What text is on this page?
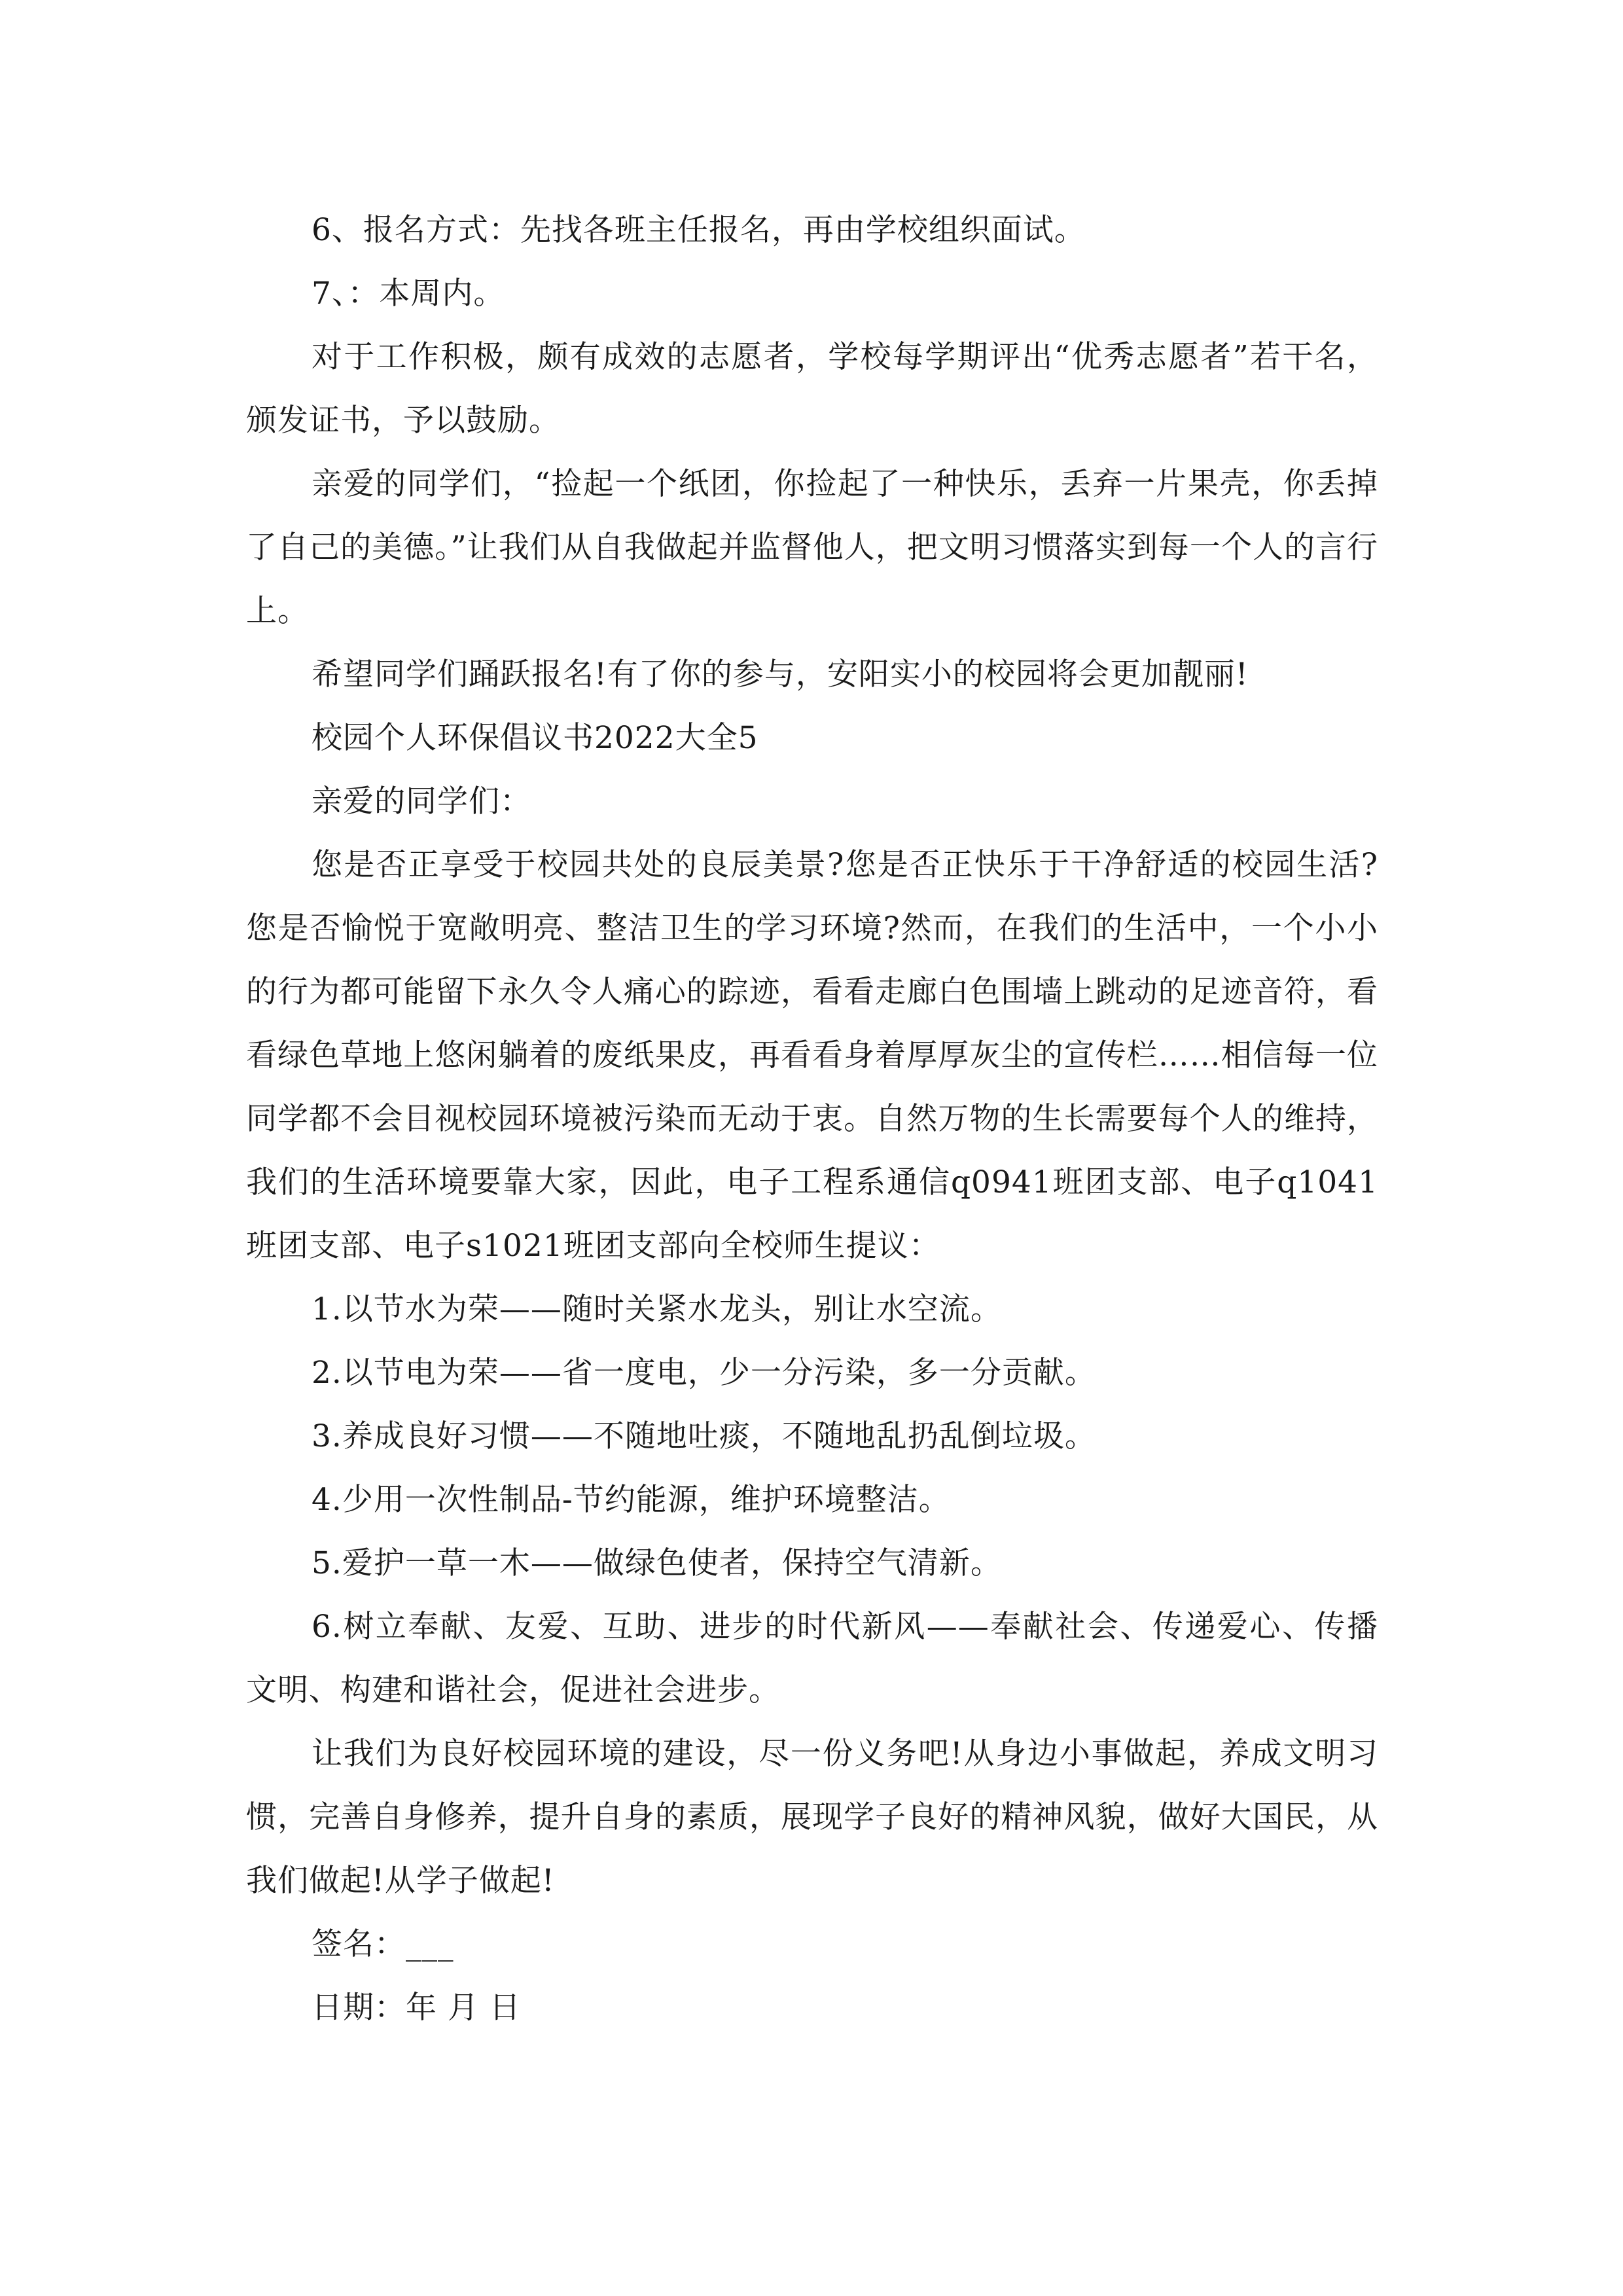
6、报名方式：先找各班主任报名，再由学校组织面试。

7、：本周内。

对于工作积极，颇有成效的志愿者，学校每学期评出“优秀志愿者”若干名，颁发证书，予以鼓励。

亲爱的同学们，“捡起一个纸团，你捡起了一种快乐，丢弃一片果壳，你丢掉了自己的美德。”让我们从自我做起并监督他人，把文明习惯落实到每一个人的言行上。

希望同学们踊跃报名!有了你的参与，安阳实小的校园将会更加靓丽!

校园个人环保倡议书2022大全5

亲爱的同学们：

您是否正享受于校园共处的良辰美景?您是否正快乐于干净舒适的校园生活?您是否愉悦于宽敞明亮、整洁卫生的学习环境?然而，在我们的生活中，一个小小的行为都可能留下永久令人痛心的踪迹，看看走廊白色围墙上跳动的足迹音符，看看绿色草地上悠闲躺着的废纸果皮，再看看身着厚厚灰尘的宣传栏……相信每一位同学都不会目视校园环境被污染而无动于衷。自然万物的生长需要每个人的维持，我们的生活环境要靠大家，因此，电子工程系通信q0941班团支部、电子q1041班团支部、电子s1021班团支部向全校师生提议：

1.以节水为荣——随时关紧水龙头，别让水空流。

2.以节电为荣——省一度电，少一分污染，多一分贡献。

3.养成良好习惯——不随地吐痰，不随地乱扔乱倒垃圾。

4.少用一次性制品-节约能源，维护环境整洁。

5.爱护一草一木——做绿色使者，保持空气清新。

6.树立奉献、友爱、互助、进步的时代新风——奉献社会、传递爱心、传播文明、构建和谐社会，促进社会进步。

让我们为良好校园环境的建设，尽一份义务吧!从身边小事做起，养成文明习惯，完善自身修养，提升自身的素质，展现学子良好的精神风貌，做好大国民，从我们做起!从学子做起!

签名：___

日期：年 月 日
